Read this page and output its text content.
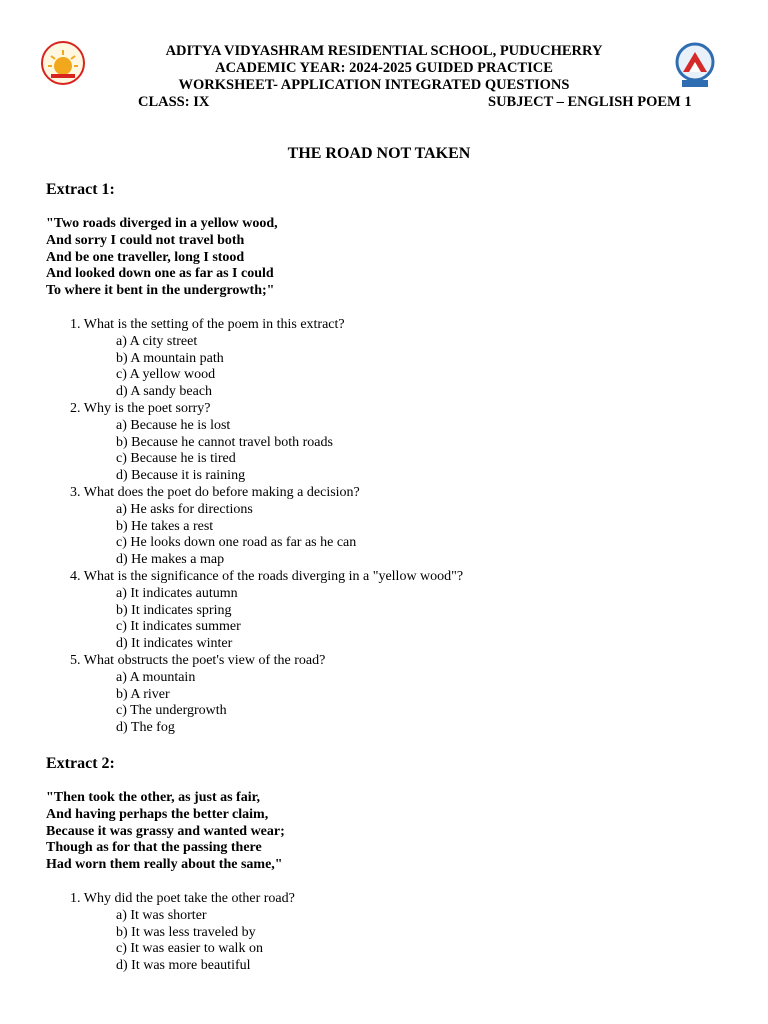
ADITYA VIDYASHRAM RESIDENTIAL SCHOOL, PUDUCHERRY
ACADEMIC YEAR: 2024-2025 GUIDED PRACTICE
WORKSHEET- APPLICATION INTEGRATED QUESTIONS
CLASS: IX	SUBJECT – ENGLISH POEM 1
THE ROAD NOT TAKEN
Extract 1:
"Two roads diverged in a yellow wood,
And sorry I could not travel both
And be one traveller, long I stood
And looked down one as far as I could
To where it bent in the undergrowth;"
1. What is the setting of the poem in this extract?
a) A city street
b) A mountain path
c) A yellow wood
d) A sandy beach
2. Why is the poet sorry?
a) Because he is lost
b) Because he cannot travel both roads
c) Because he is tired
d) Because it is raining
3. What does the poet do before making a decision?
a) He asks for directions
b) He takes a rest
c) He looks down one road as far as he can
d) He makes a map
4. What is the significance of the roads diverging in a "yellow wood"?
a) It indicates autumn
b) It indicates spring
c) It indicates summer
d) It indicates winter
5. What obstructs the poet's view of the road?
a) A mountain
b) A river
c) The undergrowth
d) The fog
Extract 2:
"Then took the other, as just as fair,
And having perhaps the better claim,
Because it was grassy and wanted wear;
Though as for that the passing there
Had worn them really about the same,"
1. Why did the poet take the other road?
a) It was shorter
b) It was less traveled by
c) It was easier to walk on
d) It was more beautiful
